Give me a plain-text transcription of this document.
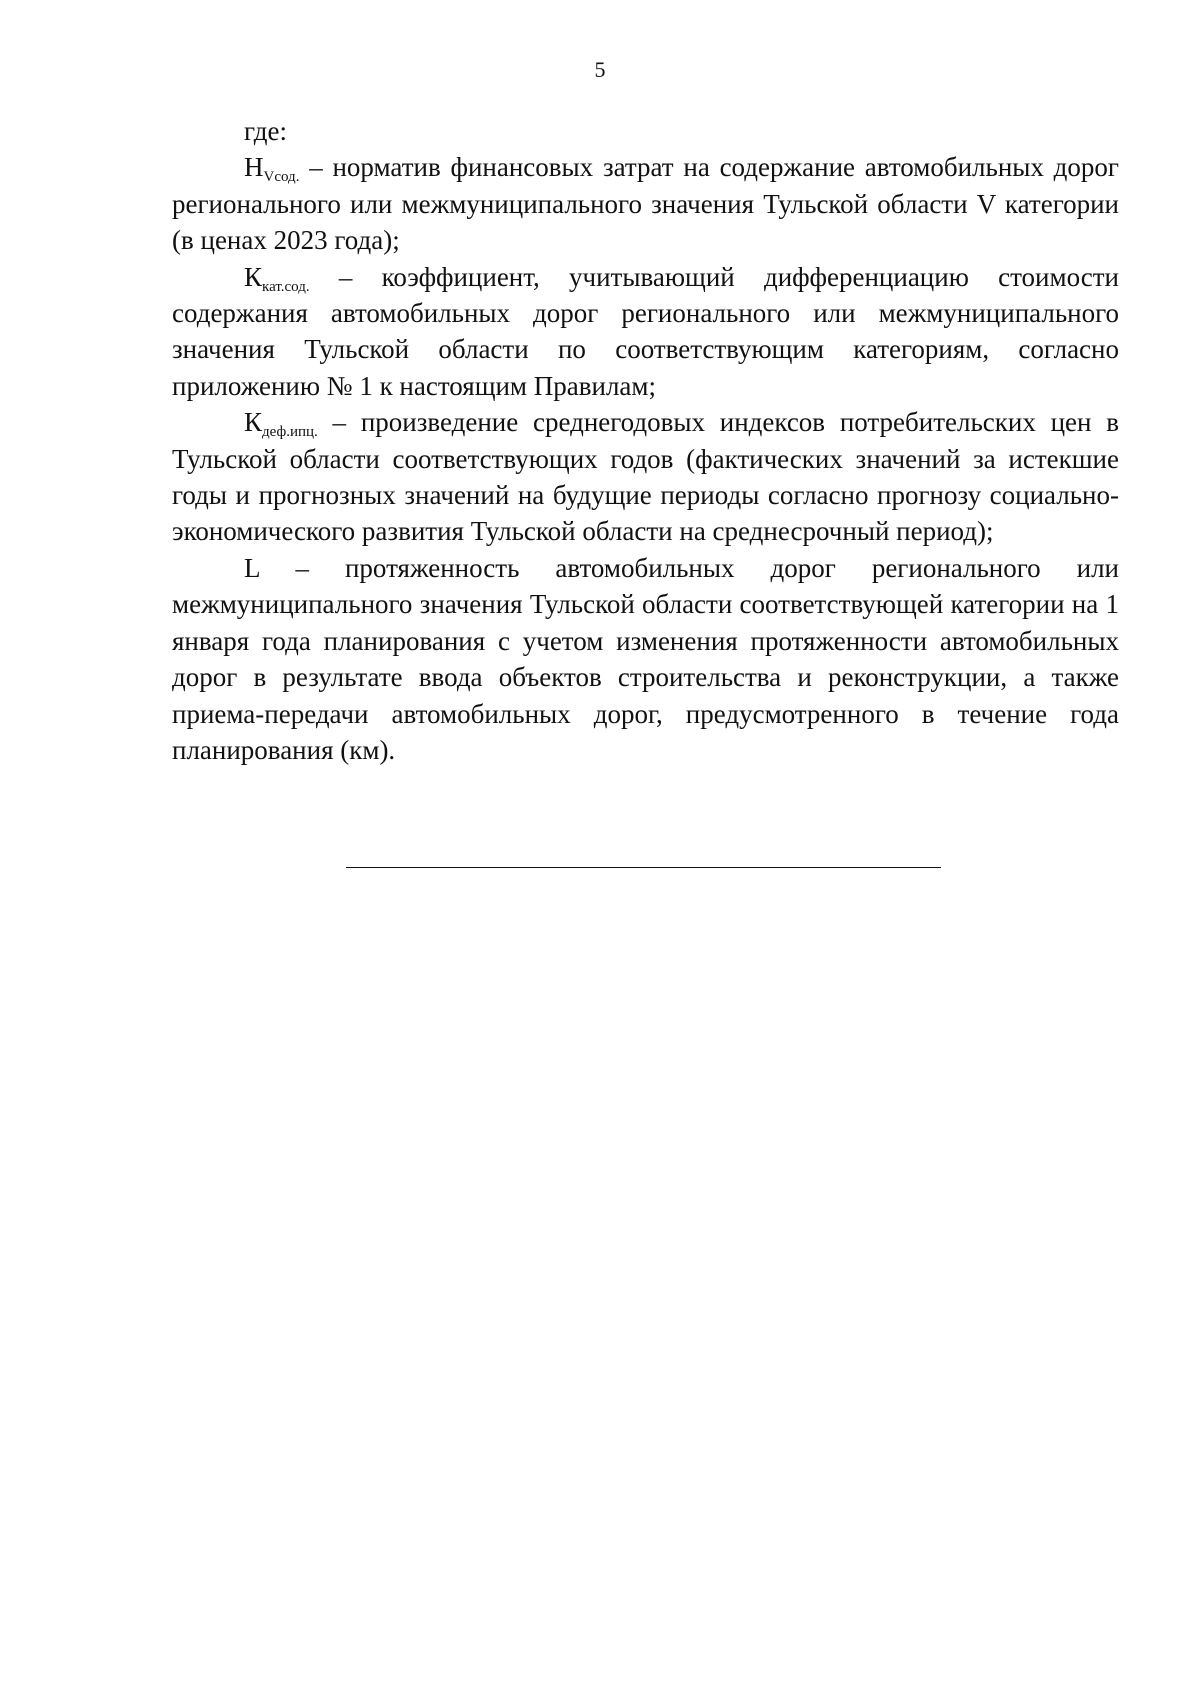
5

где:

НVсод. – норматив финансовых затрат на содержание автомобильных дорог регионального или межмуниципального значения Тульской области V категории (в ценах 2023 года);

Ккат.сод. – коэффициент, учитывающий дифференциацию стоимости содержания автомобильных дорог регионального или межмуниципального значения Тульской области по соответствующим категориям, согласно приложению № 1 к настоящим Правилам;

Кдеф.ипц. – произведение среднегодовых индексов потребительских цен в Тульской области соответствующих годов (фактических значений за истекшие годы и прогнозных значений на будущие периоды согласно прогнозу социально-экономического развития Тульской области на среднесрочный период);

L – протяженность автомобильных дорог регионального или межмуниципального значения Тульской области соответствующей категории на 1 января года планирования с учетом изменения протяженности автомобильных дорог в результате ввода объектов строительства и реконструкции, а также приема-передачи автомобильных дорог, предусмотренного в течение года планирования (км).
